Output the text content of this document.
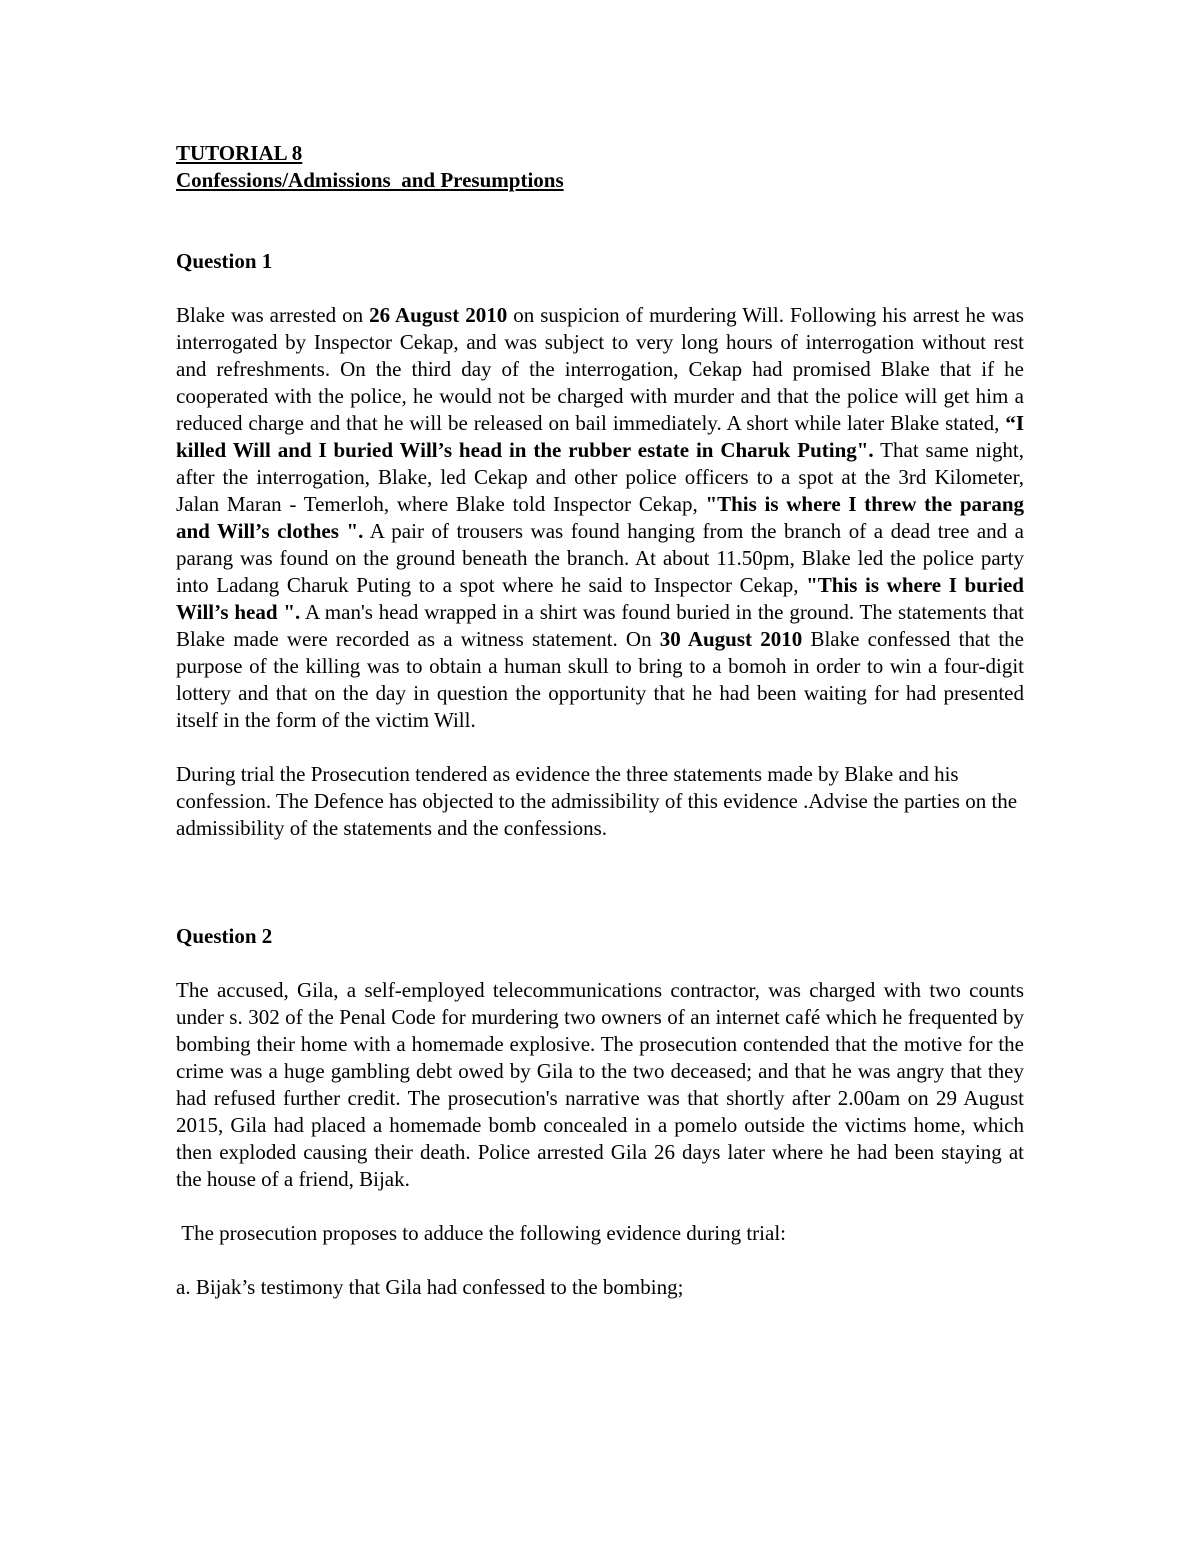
TUTORIAL 8

Confessions/Admissions  and Presumptions

Question 1

Blake was arrested on 26 August 2010 on suspicion of murdering Will. Following his arrest he was interrogated by Inspector Cekap, and was subject to very long hours of interrogation without rest and refreshments. On the third day of the interrogation, Cekap had promised Blake that if he cooperated with the police, he would not be charged with murder and that the police will get him a reduced charge and that he will be released on bail immediately. A short while later Blake stated, “I killed Will and I buried Will’s head in the rubber estate in Charuk Puting". That same night, after the interrogation, Blake, led Cekap and other police officers to a spot at the 3rd Kilometer, Jalan Maran - Temerloh, where Blake told Inspector Cekap, "This is where I threw the parang and Will’s clothes ". A pair of trousers was found hanging from the branch of a dead tree and a parang was found on the ground beneath the branch. At about 11.50pm, Blake led the police party into Ladang Charuk Puting to a spot where he said to Inspector Cekap, "This is where I buried Will’s head ". A man's head wrapped in a shirt was found buried in the ground. The statements that Blake made were recorded as a witness statement. On 30 August 2010 Blake confessed that the purpose of the killing was to obtain a human skull to bring to a bomoh in order to win a four-digit lottery and that on the day in question the opportunity that he had been waiting for had presented itself in the form of the victim Will.

During trial the Prosecution tendered as evidence the three statements made by Blake and his confession. The Defence has objected to the admissibility of this evidence .Advise the parties on the admissibility of the statements and the confessions.

Question 2

The accused, Gila, a self-employed telecommunications contractor, was charged with two counts under s. 302 of the Penal Code for murdering two owners of an internet café which he frequented by bombing their home with a homemade explosive. The prosecution contended that the motive for the crime was a huge gambling debt owed by Gila to the two deceased; and that he was angry that they had refused further credit. The prosecution's narrative was that shortly after 2.00am on 29 August 2015, Gila had placed a homemade bomb concealed in a pomelo outside the victims home, which then exploded causing their death. Police arrested Gila 26 days later where he had been staying at the house of a friend, Bijak.

The prosecution proposes to adduce the following evidence during trial:

a. Bijak’s testimony that Gila had confessed to the bombing;
